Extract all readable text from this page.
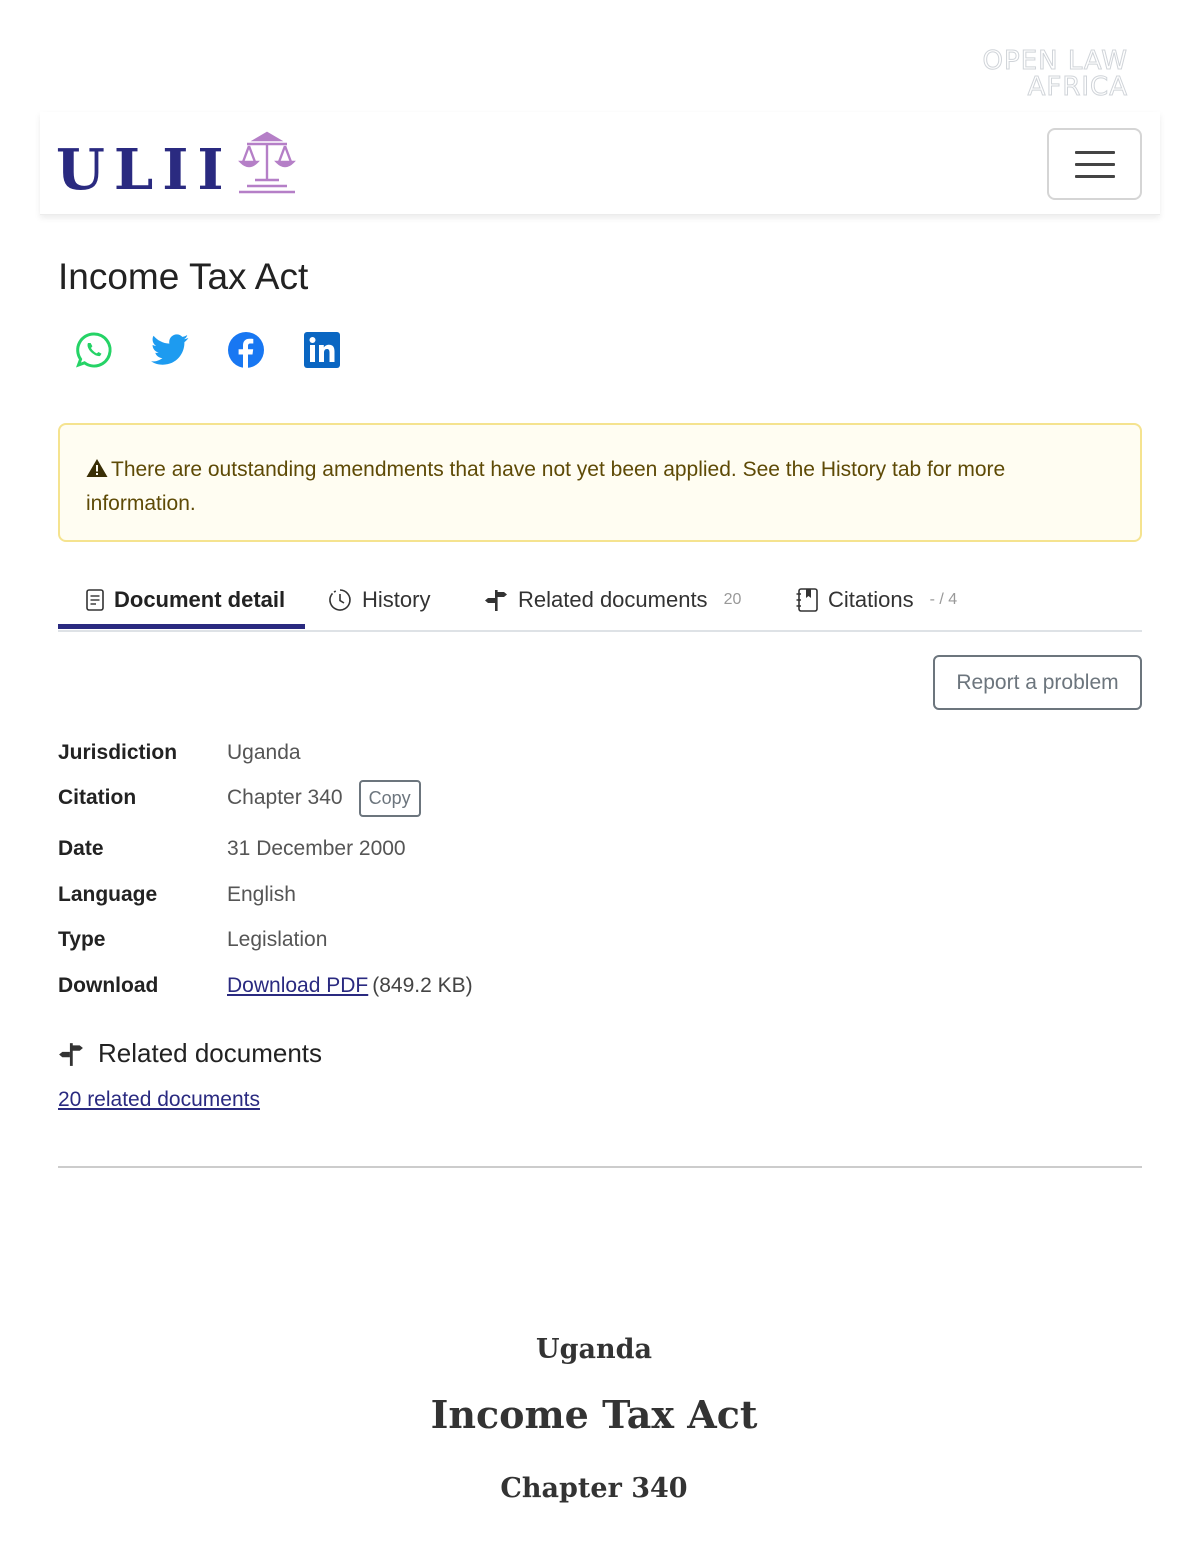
OPEN LAW
AFRICA
ULII
Income Tax Act
There are outstanding amendments that have not yet been applied. See the History tab for more information.
Document detail	History	Related documents 20	Citations - / 4
Report a problem
Jurisdiction	Uganda
Citation	Chapter 340	Copy
Date	31 December 2000
Language	English
Type	Legislation
Download	Download PDF (849.2 KB)
Related documents
20 related documents
Uganda
Income Tax Act
Chapter 340
